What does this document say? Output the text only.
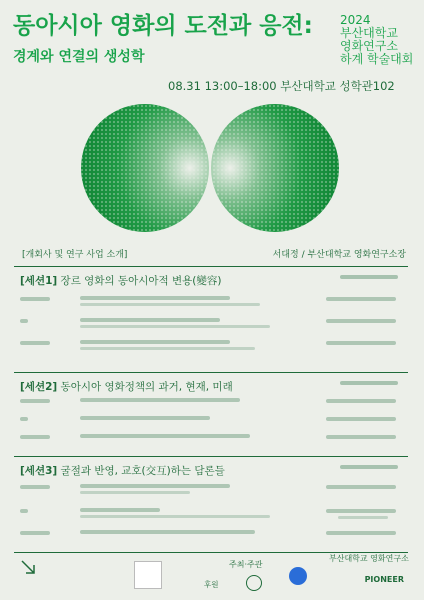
동아시아 영화의 도전과 응전:
경계와 연결의 생성학
2024
부산대학교
영화연구소
하계 학술대회
08.31 13:00–18:00 부산대학교 성학관102
[개회사 및 연구 사업 소개]	서대정 / 부산대학교 영화연구소장
[세션1] 장르 영화의 동아시아적 변용(變容)
[세션2] 동아시아 영화정책의 과거, 현재, 미래
[세션3] 굴절과 반영, 교호(交互)하는 담론들
주최·주관
후원
부산대학교 영화연구소
PIONEER
